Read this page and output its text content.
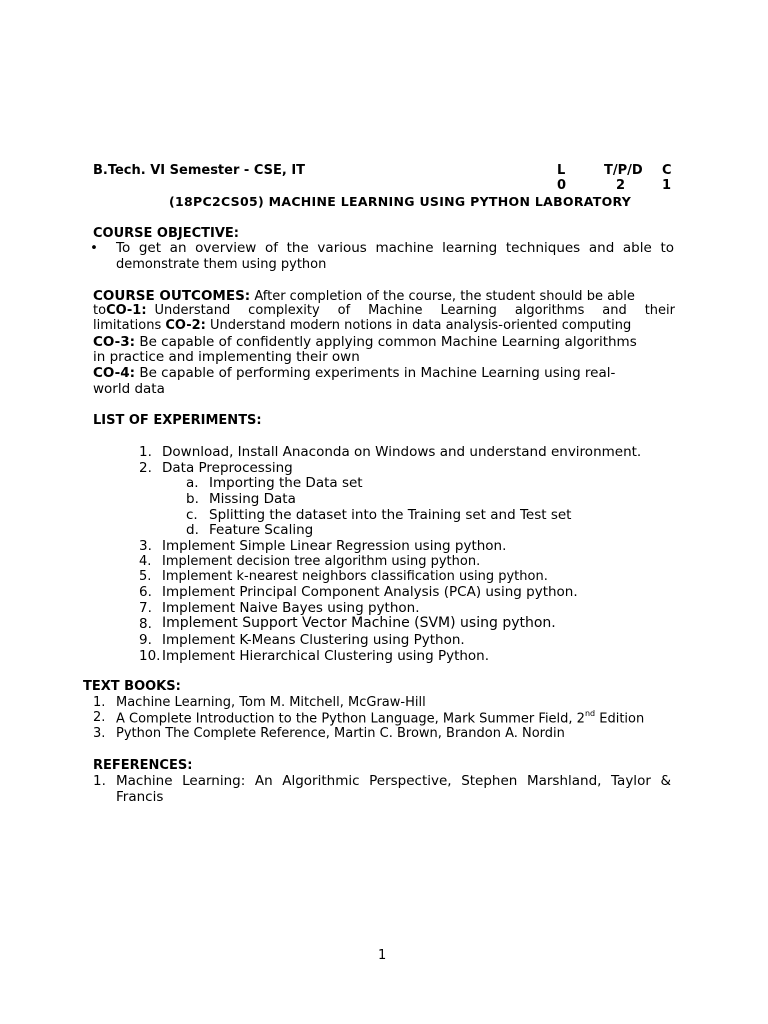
B.Tech. VI Semester - CSE, IT	L	T/P/D C
0	2	1
(18PC2CS05) MACHINE LEARNING USING PYTHON LABORATORY
COURSE OBJECTIVE:
• To get an overview of the various machine learning techniques and able to
demonstrate them using python
COURSE OUTCOMES: After completion of the course, the student should be able
to CO-1: Understand complexity of Machine Learning algorithms and their
limitations CO-2: Understand modern notions in data analysis-oriented computing
CO-3: Be capable of confidently applying common Machine Learning algorithms
in practice and implementing their own
CO-4: Be capable of performing experiments in Machine Learning using real-
world data
LIST OF EXPERIMENTS:
1. Download, Install Anaconda on Windows and understand environment.
2. Data Preprocessing
a. Importing the Data set
b. Missing Data
c. Splitting the dataset into the Training set and Test set
d. Feature Scaling
3. Implement Simple Linear Regression using python.
4. Implement decision tree algorithm using python.
5. Implement k-nearest neighbors classification using python.
6. Implement Principal Component Analysis (PCA) using python.
7. Implement Naive Bayes using python.
8. Implement Support Vector Machine (SVM) using python.
9. Implement K-Means Clustering using Python.
10. Implement Hierarchical Clustering using Python.
TEXT BOOKS:
1. Machine Learning, Tom M. Mitchell, McGraw-Hill
2. A Complete Introduction to the Python Language, Mark Summer Field, 2nd Edition
3. Python The Complete Reference, Martin C. Brown, Brandon A. Nordin
REFERENCES:
1. Machine Learning: An Algorithmic Perspective, Stephen Marshland, Taylor &
Francis
1
